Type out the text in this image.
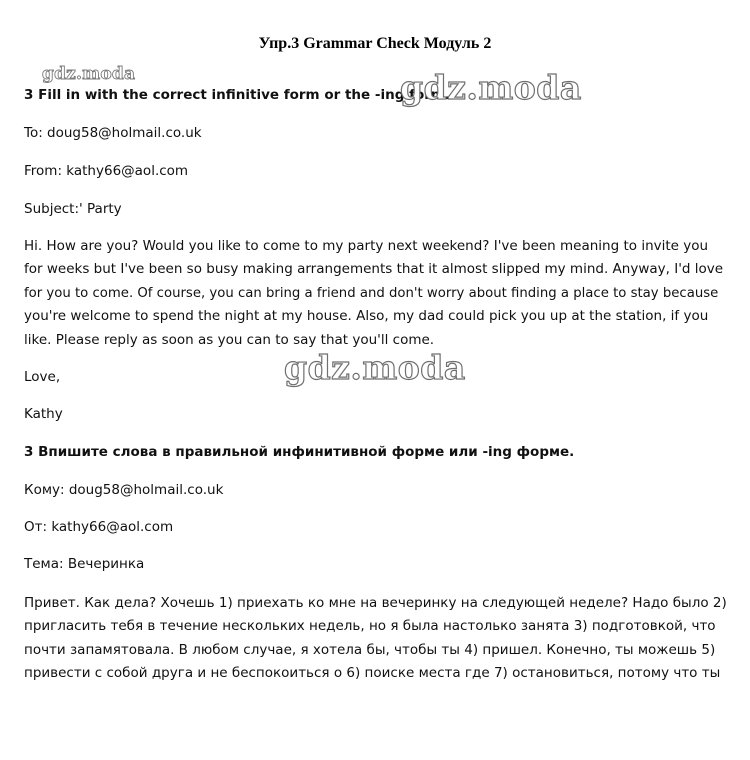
Упр.3 Grammar Check Модуль 2
gdz.moda
3 Fill in with the correct infinitive form or the -ing form.
gdz.moda
To: doug58@holmail.co.uk
From: kathy66@aol.com
Subject:' Party
Hi. How are you? Would you like to come to my party next weekend? I've been meaning to invite you
for weeks but I've been so busy making arrangements that it almost slipped my mind. Anyway, I'd love
for you to come. Of course, you can bring a friend and don't worry about finding a place to stay because
you're welcome to spend the night at my house. Also, my dad could pick you up at the station, if you
like. Please reply as soon as you can to say that you'll come.
gdz.moda
Love,
Kathy
3 Впишите слова в правильной инфинитивной форме или -ing форме.
Кому: doug58@holmail.co.uk
От: kathy66@aol.com
Тема: Вечеринка
Привет. Как дела? Хочешь 1) приехать ко мне на вечеринку на следующей неделе? Надо было 2)
пригласить тебя в течение нескольких недель, но я была настолько занята 3) подготовкой, что
почти запамятовала. В любом случае, я хотела бы, чтобы ты 4) пришел. Конечно, ты можешь 5)
привести с собой друга и не беспокоиться о 6) поиске места где 7) остановиться, потому что ты
